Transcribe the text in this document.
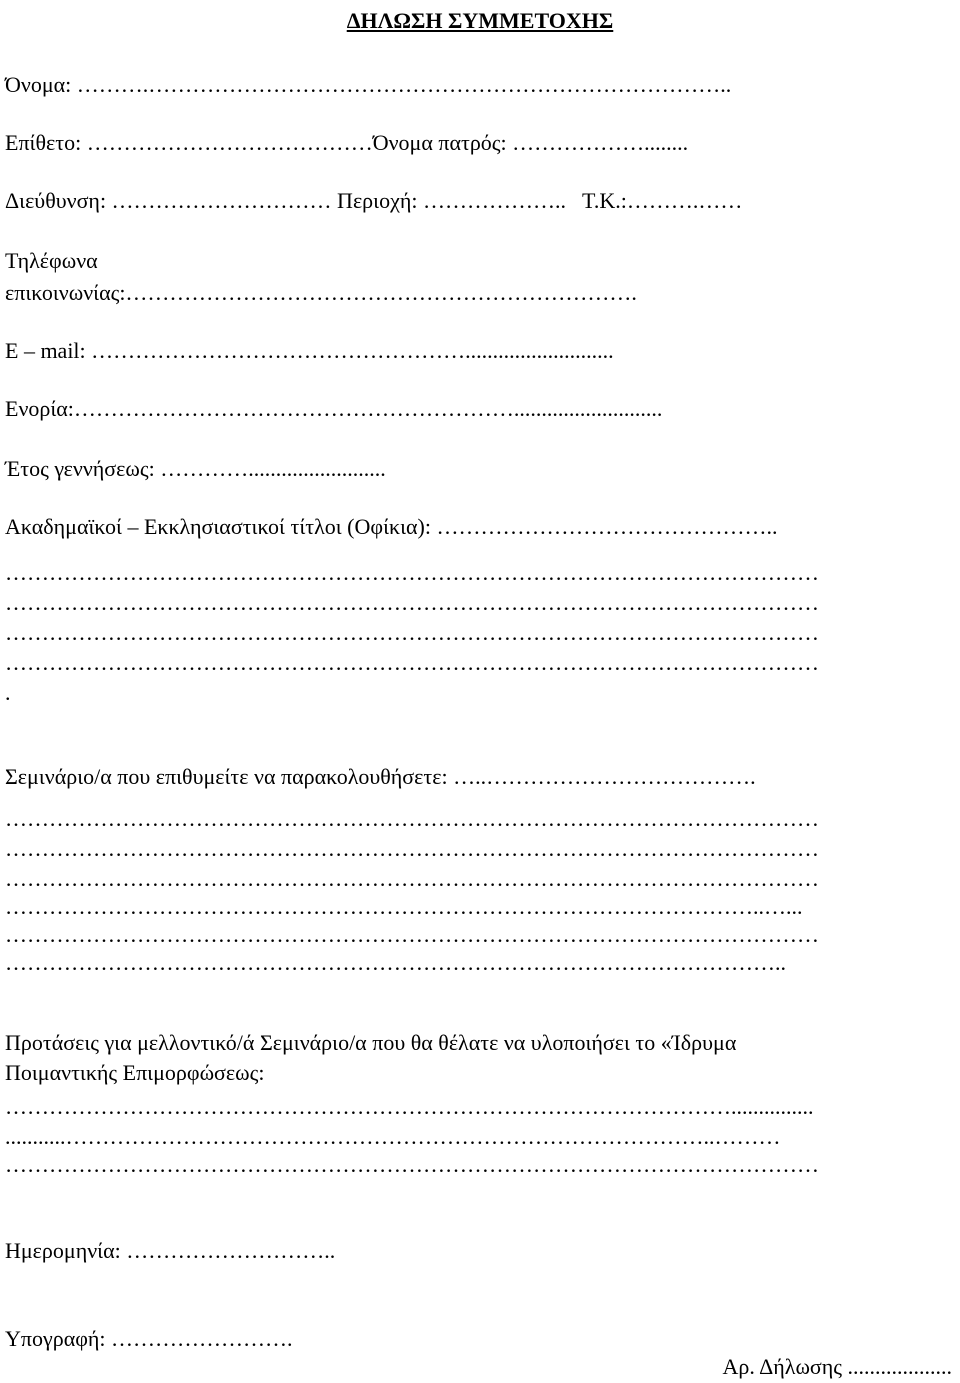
ΔΗΛΩΣΗ ΣΥΜΜΕΤΟΧΗΣ
Όνομα: ……….……………………………………………………………………..
Επίθετο: …………………………………Όνομα πατρός: ………………........
Διεύθυνση: ………………………… Περιοχή: ………………..   Τ.Κ.:……….……
Τηλέφωνα
επικοινωνίας:…………………………………………………………….
E – mail: ……………………………………………...........................
Ενορία:……………………………………………………...........................
Έτος γεννήσεως: ………….........................
Ακαδημαϊκοί – Εκκλησιαστικοί τίτλοι (Οφίκια): ………………………………………..
…………………………………………………………………………………………………
…………………………………………………………………………………………………
…………………………………………………………………………………………………
…………………………………………………………………………………………………
.
Σεμινάριο/α που επιθυμείτε να παρακολουθήσετε: …..……………………………….
…………………………………………………………………………………………………
…………………………………………………………………………………………………
…………………………………………………………………………………………………
…………………………………………………………………………………………..…...
…………………………………………………………………………………………………
……………………………………………………………………………………………..
Προτάσεις για μελλοντικό/ά Σεμινάριο/α που θα θέλατε να υλοποιήσει το «Ίδρυμα
Ποιμαντικής Επιμορφώσεως:
………………………………………………………………………………………...............
...........……………………………………………………………………………..………
…………………………………………………………………………………………………
Ημερομηνία: ………………………..
Υπογραφή: …………………….
Αρ. Δήλωσης ...................
